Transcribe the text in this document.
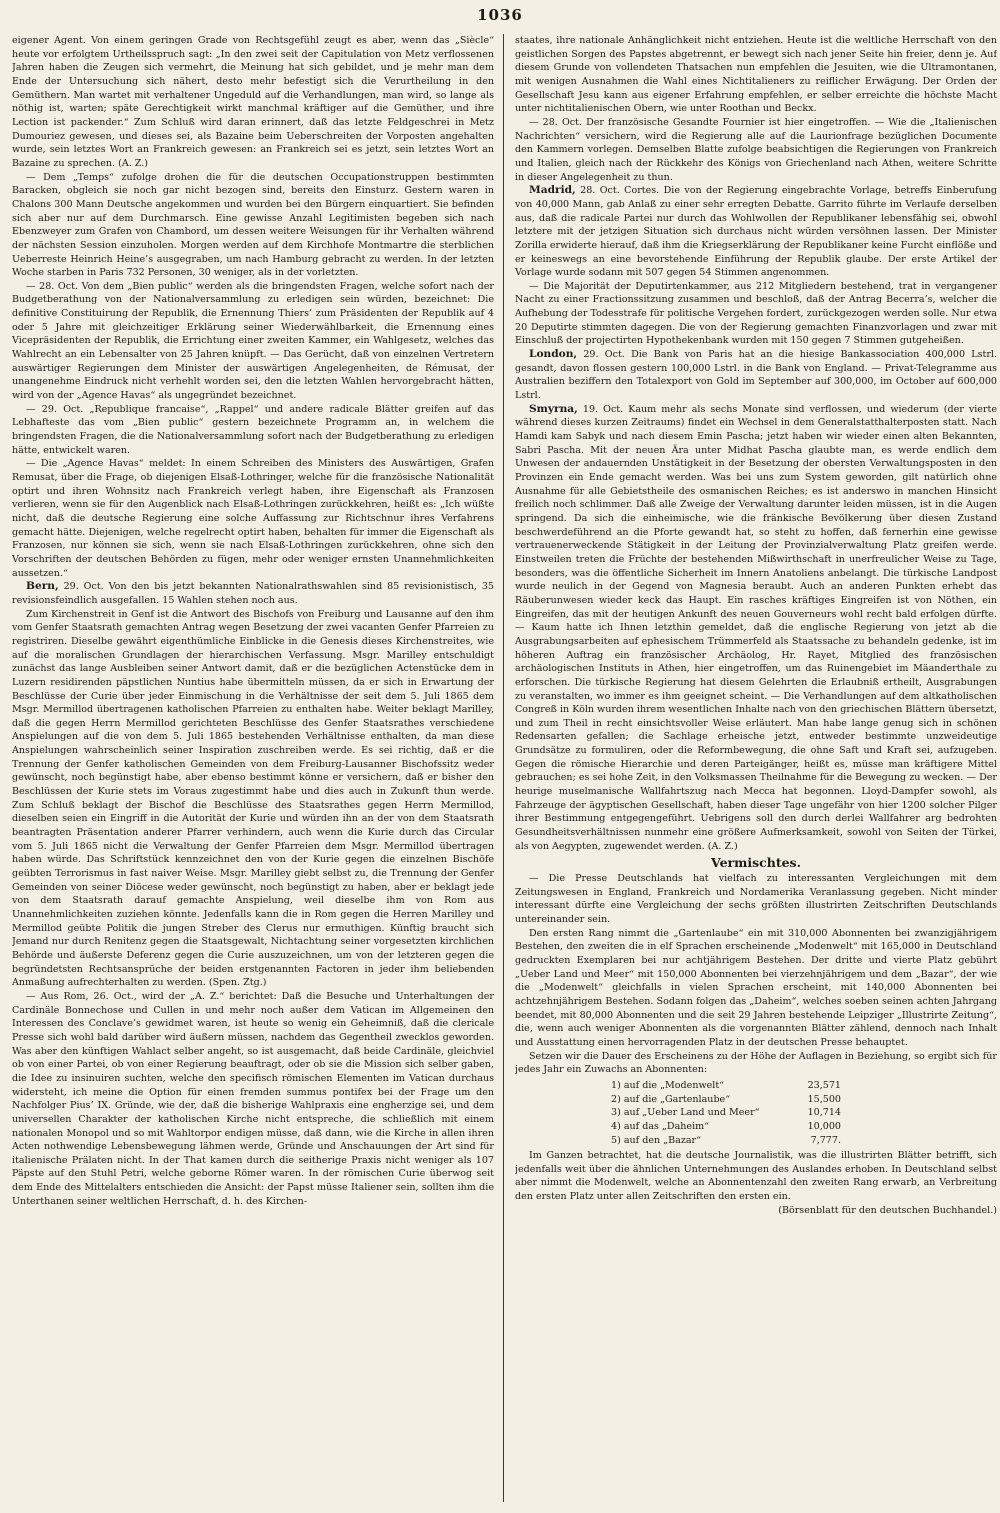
1036

eigener Agent. Von einem geringen Grade von Rechtsgefühl zeugt es aber, wenn das „Siècle“ heute vor erfolgtem Urtheilsspruch sagt: „In den zwei seit der Capitulation von Metz verflossenen Jahren haben die Zeugen sich vermehrt, die Meinung hat sich gebildet, und je mehr man dem Ende der Untersuchung sich nähert, desto mehr befestigt sich die Verurtheilung in den Gemüthern. Man wartet mit verhaltener Ungeduld auf die Verhandlungen, man wird, so lange als nöthig ist, warten; späte Gerechtigkeit wirkt manchmal kräftiger auf die Gemüther, und ihre Lection ist packender.“ Zum Schluß wird daran erinnert, daß das letzte Feldgeschrei in Metz Dumouriez gewesen, und dieses sei, als Bazaine beim Ueberschreiten der Vorposten angehalten wurde, sein letztes Wort an Frankreich gewesen: an Frankreich sei es jetzt, sein letztes Wort an Bazaine zu sprechen. (A. Z.)

— Dem „Temps“ zufolge drohen die für die deutschen Occupationstruppen bestimmten Baracken, obgleich sie noch gar nicht bezogen sind, bereits den Einsturz. Gestern waren in Chalons 300 Mann Deutsche angekommen und wurden bei den Bürgern einquartiert. Sie befinden sich aber nur auf dem Durchmarsch. Eine gewisse Anzahl Legitimisten begeben sich nach Ebenzweyer zum Grafen von Chambord, um dessen weitere Weisungen für ihr Verhalten während der nächsten Session einzuholen. Morgen werden auf dem Kirchhofe Montmartre die sterblichen Ueberreste Heinrich Heine’s ausgegraben, um nach Hamburg gebracht zu werden. In der letzten Woche starben in Paris 732 Personen, 30 weniger, als in der vorletzten.

— 28. Oct. Von dem „Bien public“ werden als die bringendsten Fragen, welche sofort nach der Budgetberathung von der Nationalversammlung zu erledigen sein würden, bezeichnet: Die definitive Constituirung der Republik, die Ernennung Thiers’ zum Präsidenten der Republik auf 4 oder 5 Jahre mit gleichzeitiger Erklärung seiner Wiederwählbarkeit, die Ernennung eines Vicepräsidenten der Republik, die Errichtung einer zweiten Kammer, ein Wahlgesetz, welches das Wahlrecht an ein Lebensalter von 25 Jahren knüpft. — Das Gerücht, daß von einzelnen Vertretern auswärtiger Regierungen dem Minister der auswärtigen Angelegenheiten, de Rémusat, der unangenehme Eindruck nicht verhehlt worden sei, den die letzten Wahlen hervorgebracht hätten, wird von der „Agence Havas“ als ungegründet bezeichnet.

— 29. Oct. „Republique francaise“, „Rappel“ und andere radicale Blätter greifen auf das Lebhafteste das vom „Bien public“ gestern bezeichnete Programm an, in welchem die bringendsten Fragen, die die Nationalversammlung sofort nach der Budgetberathung zu erledigen hätte, entwickelt waren.

— Die „Agence Havas“ meldet: In einem Schreiben des Ministers des Auswärtigen, Grafen Remusat, über die Frage, ob diejenigen Elsaß-Lothringer, welche für die französische Nationalität optirt und ihren Wohnsitz nach Frankreich verlegt haben, ihre Eigenschaft als Franzosen verlieren, wenn sie für den Augenblick nach Elsaß-Lothringen zurückkehren, heißt es: „Ich wüßte nicht, daß die deutsche Regierung eine solche Auffassung zur Richtschnur ihres Verfahrens gemacht hätte. Diejenigen, welche regelrecht optirt haben, behalten für immer die Eigenschaft als Franzosen, nur können sie sich, wenn sie nach Elsaß-Lothringen zurückkehren, ohne sich den Vorschriften der deutschen Behörden zu fügen, mehr oder weniger ernsten Unannehmlichkeiten aussetzen.“

Bern, 29. Oct. Von den bis jetzt bekannten Nationalrathswahlen sind 85 revisionistisch, 35 revisionsfeindlich ausgefallen. 15 Wahlen stehen noch aus.

Zum Kirchenstreit in Genf ist die Antwort des Bischofs von Freiburg und Lausanne auf den ihm vom Genfer Staatsrath gemachten Antrag wegen Besetzung der zwei vacanten Genfer Pfarreien zu registriren. Dieselbe gewährt eigenthümliche Einblicke in die Genesis dieses Kirchenstreites, wie auf die moralischen Grundlagen der hierarchischen Verfassung. Msgr. Marilley entschuldigt zunächst das lange Ausbleiben seiner Antwort damit, daß er die bezüglichen Actenstücke dem in Luzern residirenden päpstlichen Nuntius habe übermitteln müssen, da er sich in Erwartung der Beschlüsse der Curie über jeder Einmischung in die Verhältnisse der seit dem 5. Juli 1865 dem Msgr. Mermillod übertragenen katholischen Pfarreien zu enthalten habe. Weiter beklagt Marilley, daß die gegen Herrn Mermillod gerichteten Beschlüsse des Genfer Staatsrathes verschiedene Anspielungen auf die von dem 5. Juli 1865 bestehenden Verhältnisse enthalten, da man diese Anspielungen wahrscheinlich seiner Inspiration zuschreiben werde. Es sei richtig, daß er die Trennung der Genfer katholischen Gemeinden von dem Freiburg-Lausanner Bischofssitz weder gewünscht, noch begünstigt habe, aber ebenso bestimmt könne er versichern, daß er bisher den Beschlüssen der Kurie stets im Voraus zugestimmt habe und dies auch in Zukunft thun werde. Zum Schluß beklagt der Bischof die Beschlüsse des Staatsrathes gegen Herrn Mermillod, dieselben seien ein Eingriff in die Autorität der Kurie und würden ihn an der von dem Staatsrath beantragten Präsentation anderer Pfarrer verhindern, auch wenn die Kurie durch das Circular vom 5. Juli 1865 nicht die Verwaltung der Genfer Pfarreien dem Msgr. Mermillod übertragen haben würde. Das Schriftstück kennzeichnet den von der Kurie gegen die einzelnen Bischöfe geübten Terrorismus in fast naiver Weise. Msgr. Marilley giebt selbst zu, die Trennung der Genfer Gemeinden von seiner Diöcese weder gewünscht, noch begünstigt zu haben, aber er beklagt jede von dem Staatsrath darauf gemachte Anspielung, weil dieselbe ihm von Rom aus Unannehmlichkeiten zuziehen könnte. Jedenfalls kann die in Rom gegen die Herren Marilley und Mermillod geübte Politik die jungen Streber des Clerus nur ermuthigen. Künftig braucht sich Jemand nur durch Renitenz gegen die Staatsgewalt, Nichtachtung seiner vorgesetzten kirchlichen Behörde und äußerste Deferenz gegen die Curie auszuzeichnen, um von der letzteren gegen die begründetsten Rechtsansprüche der beiden erstgenannten Factoren in jeder ihm beliebenden Anmaßung aufrechterhalten zu werden. (Spen. Ztg.)

— Aus Rom, 26. Oct., wird der „A. Z.“ berichtet: Daß die Besuche und Unterhaltungen der Cardinäle Bonnechose und Cullen in und mehr noch außer dem Vatican im Allgemeinen den Interessen des Conclave’s gewidmet waren, ist heute so wenig ein Geheimniß, daß die clericale Presse sich wohl bald darüber wird äußern müssen, nachdem das Gegentheil zwecklos geworden. Was aber den künftigen Wahlact selber angeht, so ist ausgemacht, daß beide Cardinäle, gleichviel ob von einer Partei, ob von einer Regierung beauftragt, oder ob sie die Mission sich selber gaben, die Idee zu insinuiren suchten, welche den specifisch römischen Elementen im Vatican durchaus widersteht, ich meine die Option für einen fremden summus pontifex bei der Frage um den Nachfolger Pius’ IX. Gründe, wie der, daß die bisherige Wahlpraxis eine engherzige sei, und dem universellen Charakter der katholischen Kirche nicht entspreche, die schließlich mit einem nationalen Monopol und so mit Wahltorpor endigen müsse, daß dann, wie die Kirche in allen ihren Acten nothwendige Lebensbewegung lähmen werde, Gründe und Anschauungen der Art sind für italienische Prälaten nicht. In der That kamen durch die seitherige Praxis nicht weniger als 107 Päpste auf den Stuhl Petri, welche geborne Römer waren. In der römischen Curie überwog seit dem Ende des Mittelalters entschieden die Ansicht: der Papst müsse Italiener sein, sollten ihm die Unterthanen seiner weltlichen Herrschaft, d. h. des Kirchen-

staates, ihre nationale Anhänglichkeit nicht entziehen. Heute ist die weltliche Herrschaft von den geistlichen Sorgen des Papstes abgetrennt, er bewegt sich nach jener Seite hin freier, denn je. Auf diesem Grunde von vollendeten Thatsachen nun empfehlen die Jesuiten, wie die Ultramontanen, mit wenigen Ausnahmen die Wahl eines Nichtitalieners zu reiflicher Erwägung. Der Orden der Gesellschaft Jesu kann aus eigener Erfahrung empfehlen, er selber erreichte die höchste Macht unter nichtitalienischen Obern, wie unter Roothan und Beckx.

— 28. Oct. Der französische Gesandte Fournier ist hier eingetroffen. — Wie die „Italienischen Nachrichten“ versichern, wird die Regierung alle auf die Laurionfrage bezüglichen Documente den Kammern vorlegen. Demselben Blatte zufolge beabsichtigen die Regierungen von Frankreich und Italien, gleich nach der Rückkehr des Königs von Griechenland nach Athen, weitere Schritte in dieser Angelegenheit zu thun.

Madrid, 28. Oct. Cortes. Die von der Regierung eingebrachte Vorlage, betreffs Einberufung von 40,000 Mann, gab Anlaß zu einer sehr erregten Debatte. Garrito führte im Verlaufe derselben aus, daß die radicale Partei nur durch das Wohlwollen der Republikaner lebensfähig sei, obwohl letztere mit der jetzigen Situation sich durchaus nicht würden versöhnen lassen. Der Minister Zorilla erwiderte hierauf, daß ihm die Kriegserklärung der Republikaner keine Furcht einflöße und er keineswegs an eine bevorstehende Einführung der Republik glaube. Der erste Artikel der Vorlage wurde sodann mit 507 gegen 54 Stimmen angenommen.

— Die Majorität der Deputirtenkammer, aus 212 Mitgliedern bestehend, trat in vergangener Nacht zu einer Fractionssitzung zusammen und beschloß, daß der Antrag Becerra’s, welcher die Aufhebung der Todesstrafe für politische Vergehen fordert, zurückgezogen werden solle. Nur etwa 20 Deputirte stimmten dagegen. Die von der Regierung gemachten Finanzvorlagen und zwar mit Einschluß der projectirten Hypothekenbank wurden mit 150 gegen 7 Stimmen gutgeheißen.

London, 29. Oct. Die Bank von Paris hat an die hiesige Bankassociation 400,000 Lstrl. gesandt, davon flossen gestern 100,000 Lstrl. in die Bank von England. — Privat-Telegramme aus Australien beziffern den Totalexport von Gold im September auf 300,000, im October auf 600,000 Lstrl.

Smyrna, 19. Oct. Kaum mehr als sechs Monate sind verflossen, und wiederum (der vierte während dieses kurzen Zeitraums) findet ein Wechsel in dem Generalstatthalterposten statt. Nach Hamdi kam Sabyk und nach diesem Emin Pascha; jetzt haben wir wieder einen alten Bekannten, Sabri Pascha. Mit der neuen Ära unter Midhat Pascha glaubte man, es werde endlich dem Unwesen der andauernden Unstätigkeit in der Besetzung der obersten Verwaltungsposten in den Provinzen ein Ende gemacht werden. Was bei uns zum System geworden, gilt natürlich ohne Ausnahme für alle Gebietstheile des osmanischen Reiches; es ist anderswo in manchen Hinsicht freilich noch schlimmer. Daß alle Zweige der Verwaltung darunter leiden müssen, ist in die Augen springend. Da sich die einheimische, wie die fränkische Bevölkerung über diesen Zustand beschwerdeführend an die Pforte gewandt hat, so steht zu hoffen, daß fernerhin eine gewisse vertrauenerweckende Stätigkeit in der Leitung der Provinzialverwaltung Platz greifen werde. Einstweilen treten die Früchte der bestehenden Mißwirthschaft in unerfreulicher Weise zu Tage, besonders, was die öffentliche Sicherheit im Innern Anatoliens anbelangt. Die türkische Landpost wurde neulich in der Gegend von Magnesia beraubt. Auch an anderen Punkten erhebt das Räuberunwesen wieder keck das Haupt. Ein rasches kräftiges Eingreifen ist von Nöthen, ein Eingreifen, das mit der heutigen Ankunft des neuen Gouverneurs wohl recht bald erfolgen dürfte. — Kaum hatte ich Ihnen letzthin gemeldet, daß die englische Regierung von jetzt ab die Ausgrabungsarbeiten auf ephesischem Trümmerfeld als Staatssache zu behandeln gedenke, ist im höheren Auftrag ein französischer Archäolog, Hr. Rayet, Mitglied des französischen archäologischen Instituts in Athen, hier eingetroffen, um das Ruinengebiet im Mäanderthale zu erforschen. Die türkische Regierung hat diesem Gelehrten die Erlaubniß ertheilt, Ausgrabungen zu veranstalten, wo immer es ihm geeignet scheint. — Die Verhandlungen auf dem altkatholischen Congreß in Köln wurden ihrem wesentlichen Inhalte nach von den griechischen Blättern übersetzt, und zum Theil in recht einsichtsvoller Weise erläutert. Man habe lange genug sich in schönen Redensarten gefallen; die Sachlage erheische jetzt, entweder bestimmte unzweideutige Grundsätze zu formuliren, oder die Reformbewegung, die ohne Saft und Kraft sei, aufzugeben. Gegen die römische Hierarchie und deren Parteigänger, heißt es, müsse man kräftigere Mittel gebrauchen; es sei hohe Zeit, in den Volksmassen Theilnahme für die Bewegung zu wecken. — Der heurige muselmanische Wallfahrtszug nach Mecca hat begonnen. Lloyd-Dampfer sowohl, als Fahrzeuge der ägyptischen Gesellschaft, haben dieser Tage ungefähr von hier 1200 solcher Pilger ihrer Bestimmung entgegengeführt. Uebrigens soll den durch derlei Wallfahrer arg bedrohten Gesundheitsverhältnissen nunmehr eine größere Aufmerksamkeit, sowohl von Seiten der Türkei, als von Aegypten, zugewendet werden. (A. Z.)

Vermischtes.

— Die Presse Deutschlands hat vielfach zu interessanten Vergleichungen mit dem Zeitungswesen in England, Frankreich und Nordamerika Veranlassung gegeben. Nicht minder interessant dürfte eine Vergleichung der sechs größten illustrirten Zeitschriften Deutschlands untereinander sein.

Den ersten Rang nimmt die „Gartenlaube“ ein mit 310,000 Abonnenten bei zwanzigjährigem Bestehen, den zweiten die in elf Sprachen erscheinende „Modenwelt“ mit 165,000 in Deutschland gedruckten Exemplaren bei nur achtjährigem Bestehen. Der dritte und vierte Platz gebührt „Ueber Land und Meer“ mit 150,000 Abonnenten bei vierzehnjährigem und dem „Bazar“, der wie die „Modenwelt“ gleichfalls in vielen Sprachen erscheint, mit 140,000 Abonnenten bei achtzehnjährigem Bestehen. Sodann folgen das „Daheim“, welches soeben seinen achten Jahrgang beendet, mit 80,000 Abonnenten und die seit 29 Jahren bestehende Leipziger „Illustrirte Zeitung“, die, wenn auch weniger Abonnenten als die vorgenannten Blätter zählend, dennoch nach Inhalt und Ausstattung einen hervorragenden Platz in der deutschen Presse behauptet.

Setzen wir die Dauer des Erscheinens zu der Höhe der Auflagen in Beziehung, so ergibt sich für jedes Jahr ein Zuwachs an Abonnenten:

1) auf die „Modenwelt“	23,571
2) auf die „Gartenlaube“	15,500
3) auf „Ueber Land und Meer“	10,714
4) auf das „Daheim“	10,000
5) auf den „Bazar“	7,777.

Im Ganzen betrachtet, hat die deutsche Journalistik, was die illustrirten Blätter betrifft, sich jedenfalls weit über die ähnlichen Unternehmungen des Auslandes erhoben. In Deutschland selbst aber nimmt die Modenwelt, welche an Abonnentenzahl den zweiten Rang erwarb, an Verbreitung den ersten Platz unter allen Zeitschriften den ersten ein.

(Börsenblatt für den deutschen Buchhandel.)
